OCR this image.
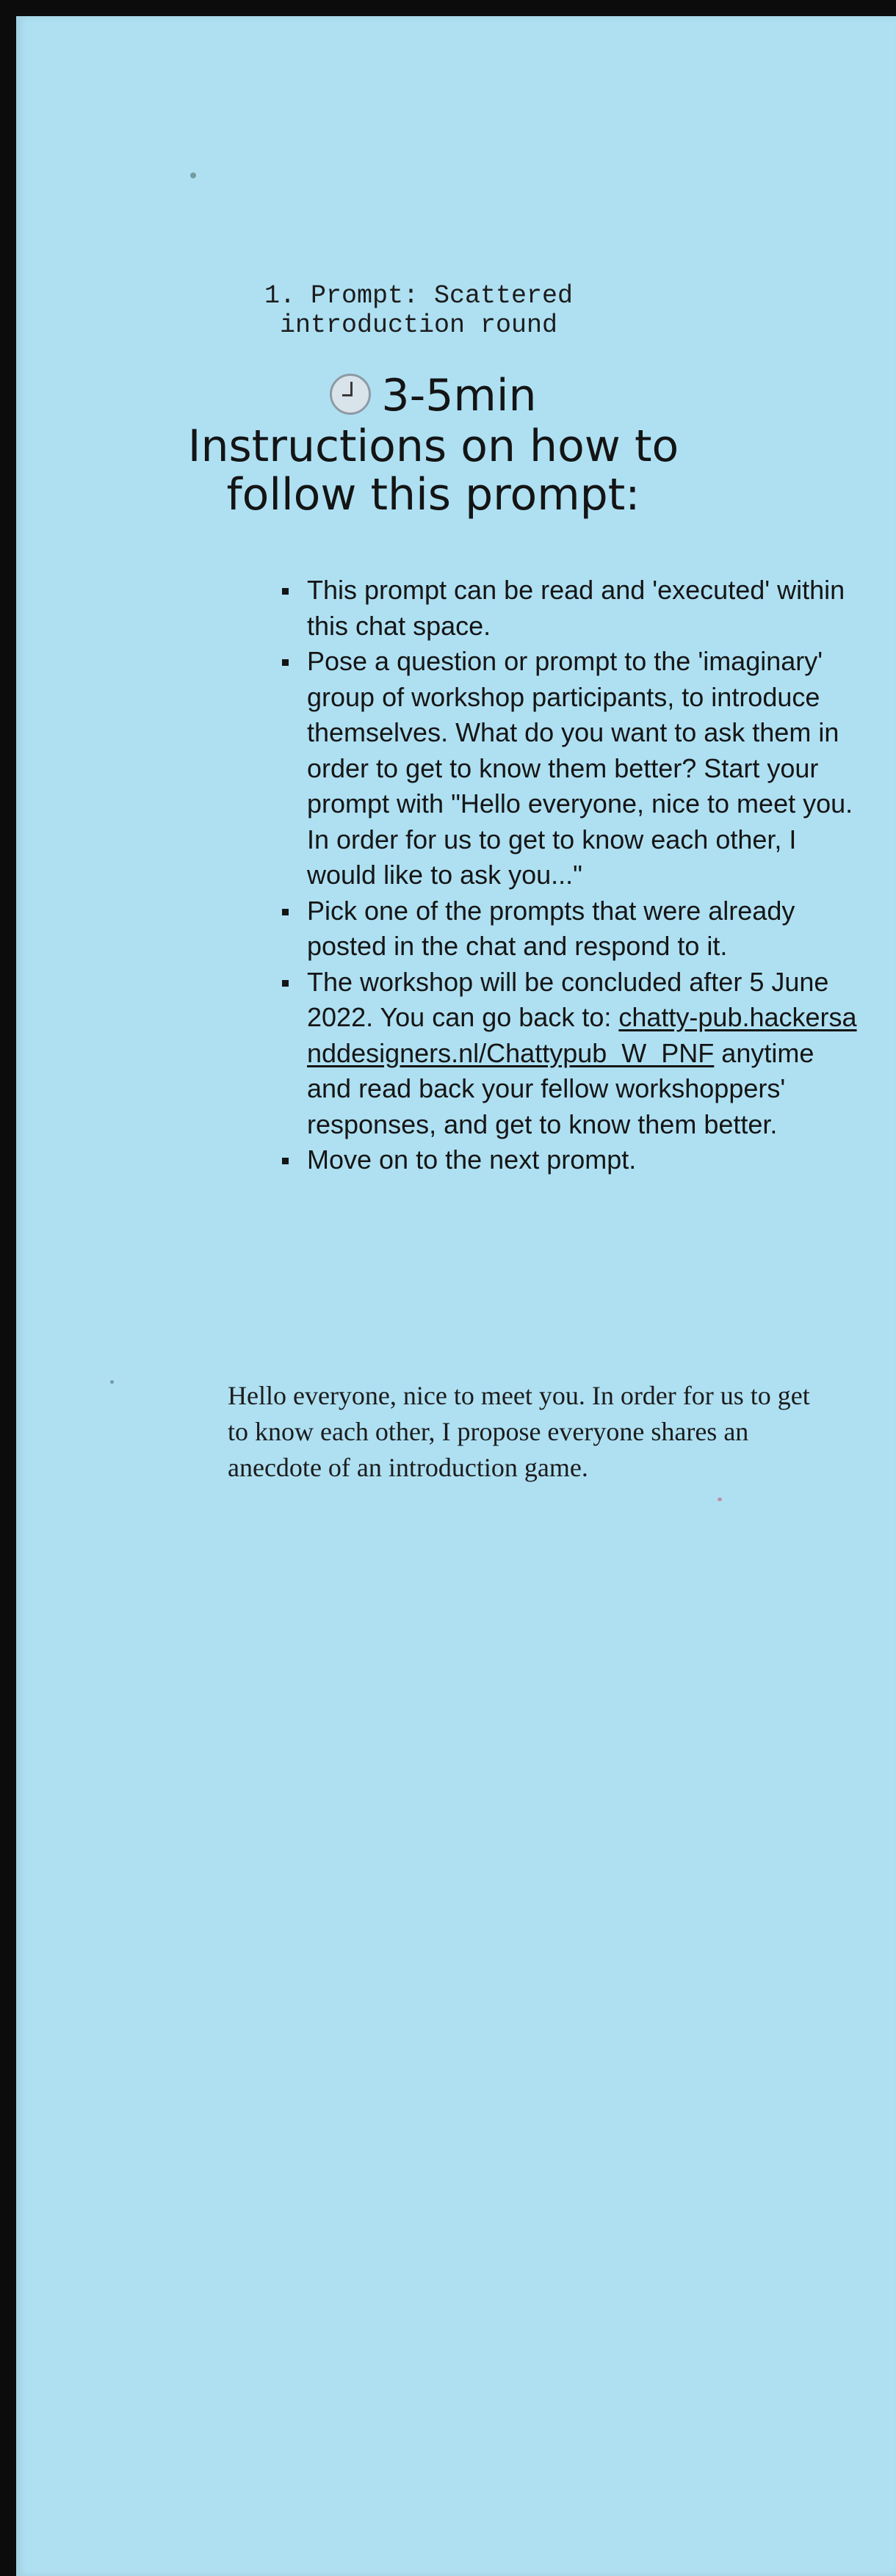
1. Prompt: Scattered introduction round
3-5min
Instructions on how to follow this prompt:
This prompt can be read and 'executed' within this chat space.
Pose a question or prompt to the 'imaginary' group of workshop participants, to introduce themselves. What do you want to ask them in order to get to know them better? Start your prompt with "Hello everyone, nice to meet you. In order for us to get to know each other, I would like to ask you..."
Pick one of the prompts that were already posted in the chat and respond to it.
The workshop will be concluded after 5 June 2022. You can go back to: chatty-pub.hackersanddesigners.nl/Chattypub_W_PNF anytime and read back your fellow workshoppers' responses, and get to know them better.
Move on to the next prompt.
Hello everyone, nice to meet you. In order for us to get to know each other, I propose everyone shares an anecdote of an introduction game.
